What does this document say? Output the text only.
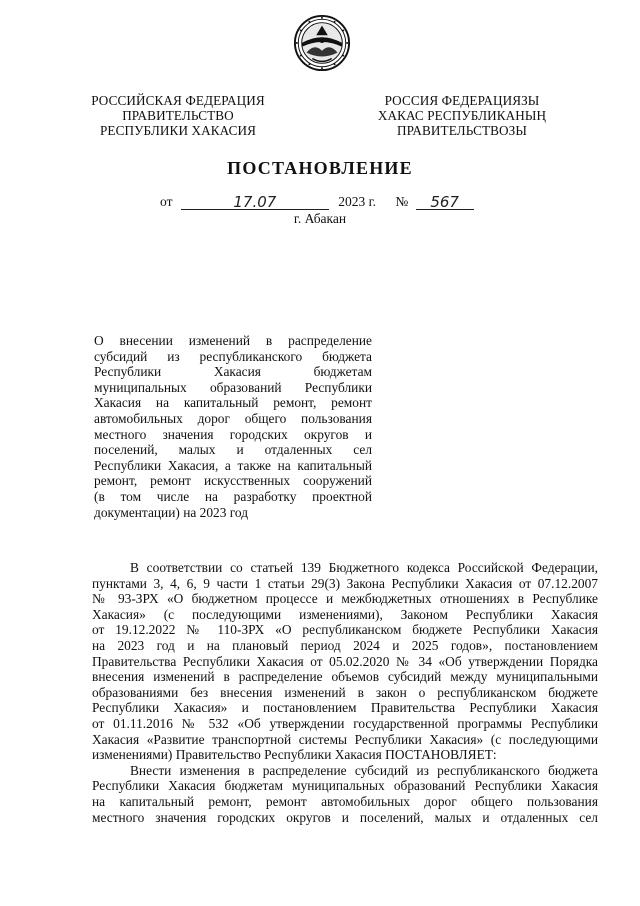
РОССИЙСКАЯ ФЕДЕРАЦИЯ
ПРАВИТЕЛЬСТВО
РЕСПУБЛИКИ ХАКАСИЯ
РОССИЯ ФЕДЕРАЦИЯЗЫ
ХАКАС РЕСПУБЛИКАНЫҢ
ПРАВИТЕЛЬСТВОЗЫ
ПОСТАНОВЛЕНИЕ
от	17.07	2023 г. № 567
г. Абакан
О внесении изменений в распределение
субсидий из республиканского бюджета
Республики Хакасия бюджетам
муниципальных образований Республики
Хакасия на капитальный ремонт, ремонт
автомобильных дорог общего пользования
местного значения городских округов и
поселений, малых и отдаленных сел
Республики Хакасия, а также на капитальный
ремонт, ремонт искусственных сооружений
(в том числе на разработку проектной
документации) на 2023 год
В соответствии со статьей 139 Бюджетного кодекса Российской Федерации,
пунктами 3, 4, 6, 9 части 1 статьи 29(3) Закона Республики Хакасия от 07.12.2007
№ 93-ЗРХ «О бюджетном процессе и межбюджетных отношениях в Республике
Хакасия» (с последующими изменениями), Законом Республики Хакасия
от 19.12.2022 № 110-ЗРХ «О республиканском бюджете Республики Хакасия
на 2023 год и на плановый период 2024 и 2025 годов», постановлением
Правительства Республики Хакасия от 05.02.2020 № 34 «Об утверждении Порядка
внесения изменений в распределение объемов субсидий между муниципальными
образованиями без внесения изменений в закон о республиканском бюджете
Республики Хакасия» и постановлением Правительства Республики Хакасия
от 01.11.2016 № 532 «Об утверждении государственной программы Республики
Хакасия «Развитие транспортной системы Республики Хакасия» (с последующими
изменениями) Правительство Республики Хакасия ПОСТАНОВЛЯЕТ:
Внести изменения в распределение субсидий из республиканского бюджета
Республики Хакасия бюджетам муниципальных образований Республики Хакасия
на капитальный ремонт, ремонт автомобильных дорог общего пользования
местного значения городских округов и поселений, малых и отдаленных сел
